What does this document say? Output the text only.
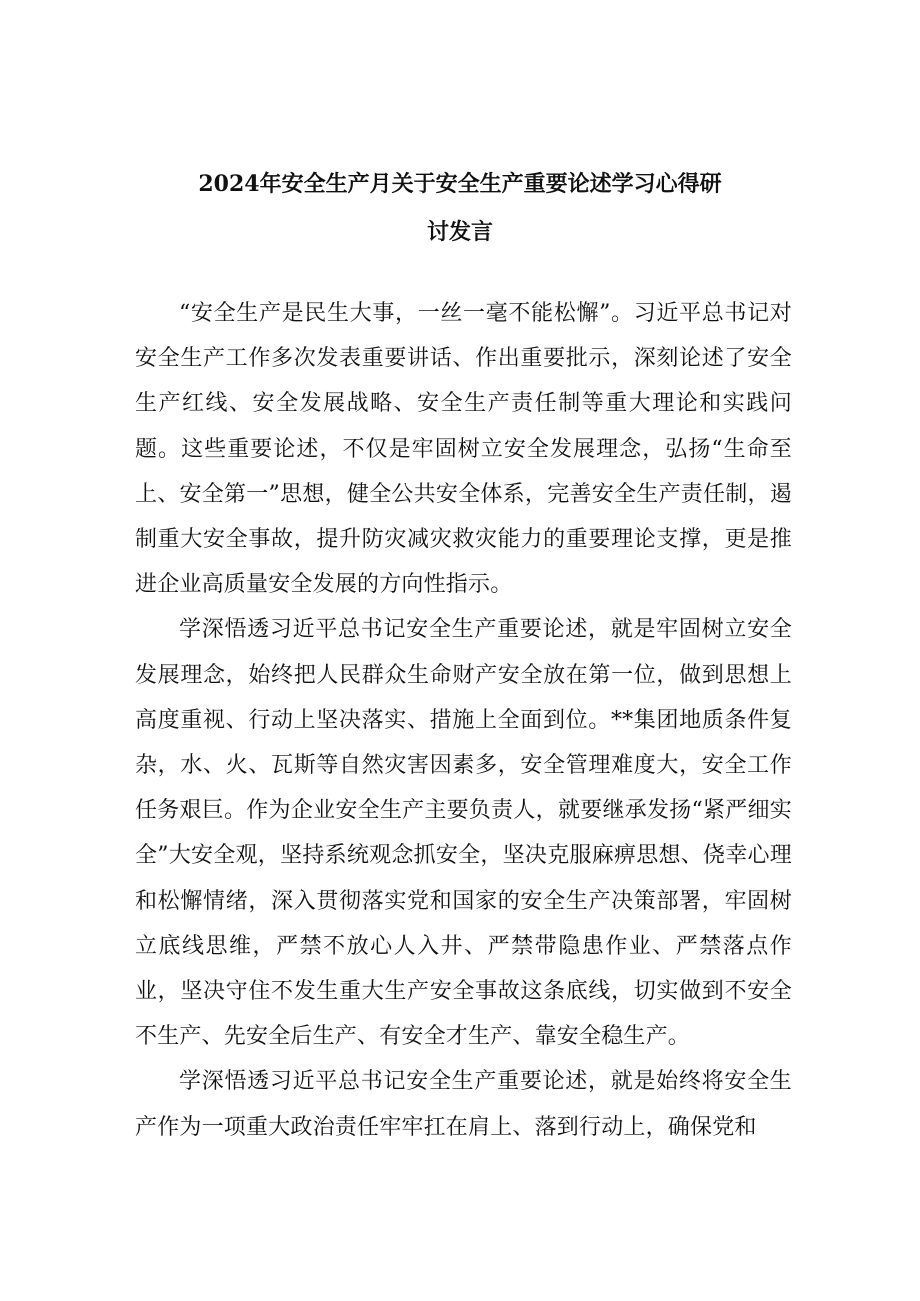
2024年安全生产月关于安全生产重要论述学习心得研
讨发言

“安全生产是民生大事，一丝一毫不能松懈”。习近平总书记对安全生产工作多次发表重要讲话、作出重要批示，深刻论述了安全生产红线、安全发展战略、安全生产责任制等重大理论和实践问题。这些重要论述，不仅是牢固树立安全发展理念，弘扬“生命至上、安全第一”思想，健全公共安全体系，完善安全生产责任制，遏制重大安全事故，提升防灾减灾救灾能力的重要理论支撑，更是推进企业高质量安全发展的方向性指示。

学深悟透习近平总书记安全生产重要论述，就是牢固树立安全发展理念，始终把人民群众生命财产安全放在第一位，做到思想上高度重视、行动上坚决落实、措施上全面到位。**集团地质条件复杂，水、火、瓦斯等自然灾害因素多，安全管理难度大，安全工作任务艰巨。作为企业安全生产主要负责人，就要继承发扬“紧严细实全”大安全观，坚持系统观念抓安全，坚决克服麻痹思想、侥幸心理和松懈情绪，深入贯彻落实党和国家的安全生产决策部署，牢固树立底线思维，严禁不放心人入井、严禁带隐患作业、严禁落点作业，坚决守住不发生重大生产安全事故这条底线，切实做到不安全不生产、先安全后生产、有安全才生产、靠安全稳生产。

学深悟透习近平总书记安全生产重要论述，就是始终将安全生产作为一项重大政治责任牢牢扛在肩上、落到行动上，确保党和
